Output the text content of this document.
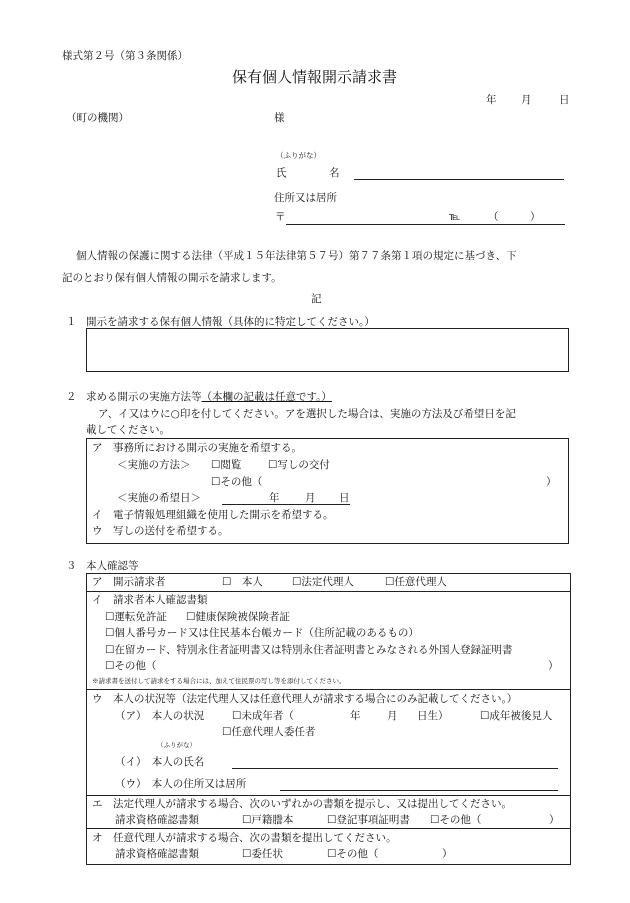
様式第２号（第３条関係）
保有個人情報開示請求書
年 月	日
（町の機関）	様
（ふりがな）
氏	名
住所又は居所
〒	℡	（　　　）
個人情報の保護に関する法律（平成１５年法律第５７号）第７７条第１項の規定に基づき、下
記のとおり保有個人情報の開示を請求します。
記
１ 開示を請求する保有個人情報（具体的に特定してください。）
２ 求める開示の実施方法等（本欄の記載は任意です。）
ア、イ又はウに○印を付してください。アを選択した場合は、実施の方法及び希望日を記
載してください。
ア　事務所における開示の実施を希望する。
＜実施の方法＞ ☐閲覧	☐写しの交付
☐その他（	）
＜実施の希望日＞	年 月 日
イ　電子情報処理組織を使用した開示を希望する。
ウ　写しの送付を希望する。
３ 本人確認等
ア　開示請求者	☐　本人	☐法定代理人	☐任意代理人
イ　請求者本人確認書類
☐運転免許証 ☐健康保険被保険者証
☐個人番号カード又は住民基本台帳カード（住所記載のあるもの）
☐在留カード、特別永住者証明書又は特別永住者証明書とみなされる外国人登録証明書
☐その他（	）
※請求書を送付して請求をする場合には、加えて住民票の写し等を添付してください。
ウ　本人の状況等（法定代理人又は任意代理人が請求する場合にのみ記載してください。）
（ア）　本人の状況	☐未成年者（	年	月 日生）	☐成年被後見人
☐任意代理人委任者
（ふりがな）
（イ）　本人の氏名
（ウ）　本人の住所又は居所
エ　法定代理人が請求する場合、次のいずれかの書類を提示し、又は提出してください。
請求資格確認書類	☐戸籍謄本	☐登記事項証明書 ☐その他（	）
オ　任意代理人が請求する場合、次の書類を提出してください。
請求資格確認書類	☐委任状	☐その他（	）
